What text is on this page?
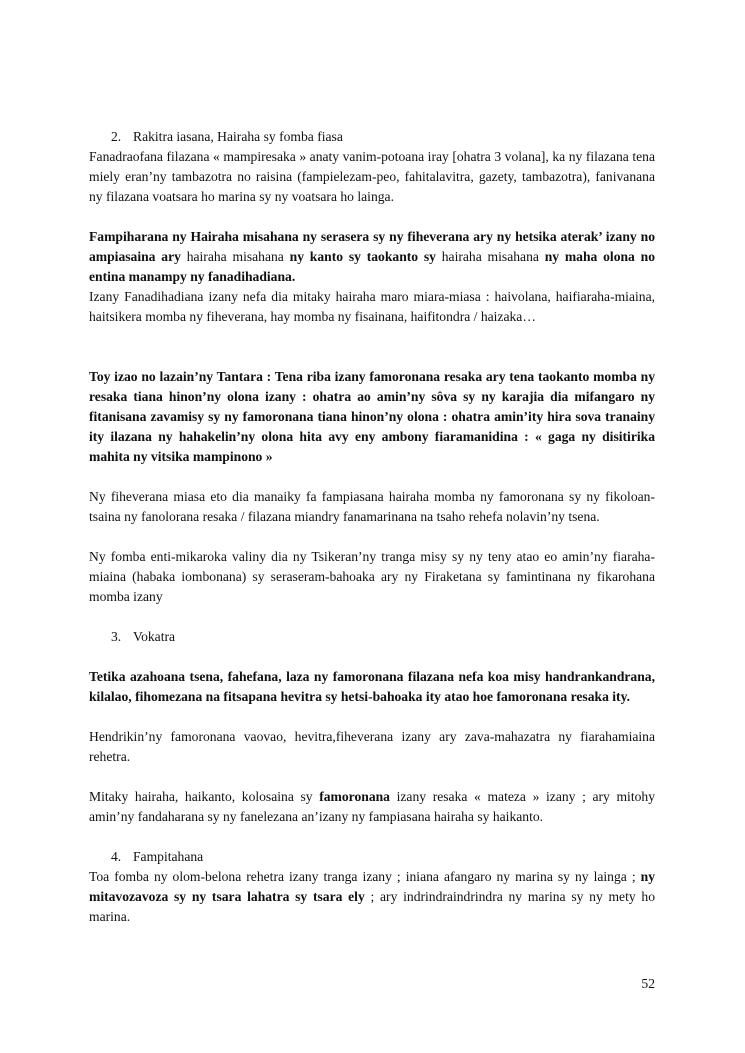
2. Rakitra iasana, Hairaha sy fomba fiasa

Fanadraofana filazana « mampiresaka » anaty vanim-potoana iray [ohatra 3 volana], ka ny filazana tena miely eran’ny tambazotra no raisina (fampielezam-peo, fahitalavitra, gazety, tambazotra), fanivanana ny filazana voatsara ho marina sy ny voatsara ho lainga.

Fampiharana ny Hairaha misahana ny serasera sy ny fiheverana ary ny hetsika aterak’ izany no ampiasaina ary hairaha misahana ny kanto sy taokanto sy hairaha misahana ny maha olona no entina manampy ny fanadihadiana.

Izany Fanadihadiana izany nefa dia mitaky hairaha maro miara-miasa : haivolana, haifiaraha-miaina, haitsikera momba ny fiheverana, hay momba ny fisainana, haifitondra / haizaka…

Toy izao no lazain’ny Tantara : Tena riba izany famoronana resaka ary tena taokanto momba ny resaka tiana hinon’ny olona izany : ohatra ao amin’ny sôva sy ny karajia dia mifangaro ny fitanisana zavamisy sy ny famoronana tiana hinon’ny olona : ohatra amin’ity hira sova tranainy ity ilazana ny hahakelin’ny olona hita avy eny ambony fiaramanidina : « gaga ny disitirika mahita ny vitsika mampinono »

Ny fiheverana miasa eto dia manaiky fa fampiasana hairaha momba ny famoronana sy ny fikoloan-tsaina ny fanolorana resaka / filazana miandry fanamarinana na tsaho rehefa nolavin’ny tsena.

Ny fomba enti-mikaroka valiny dia ny Tsikeran’ny tranga misy sy ny teny atao eo amin’ny fiaraha-miaina (habaka iombonana) sy seraseram-bahoaka ary ny Firaketana sy famintinana ny fikarohana momba izany

3. Vokatra

Tetika azahoana tsena, fahefana, laza ny famoronana filazana nefa koa misy handrankandrana, kilalao, fihomezana na fitsapana hevitra sy hetsi-bahoaka ity atao hoe famoronana resaka ity.

Hendrikin’ny famoronana vaovao, hevitra,fiheverana izany ary zava-mahazatra ny fiarahamiaina rehetra.

Mitaky hairaha, haikanto, kolosaina sy famoronana izany resaka « mateza » izany ; ary mitohy amin’ny fandaharana sy ny fanelezana an’izany ny fampiasana hairaha sy haikanto.

4. Fampitahana

Toa fomba ny olom-belona rehetra izany tranga izany ; iniana afangaro ny marina sy ny lainga ; ny mitavozavoza sy ny tsara lahatra sy tsara ely ; ary indrindraindrindra ny marina sy ny mety ho marina.

52
